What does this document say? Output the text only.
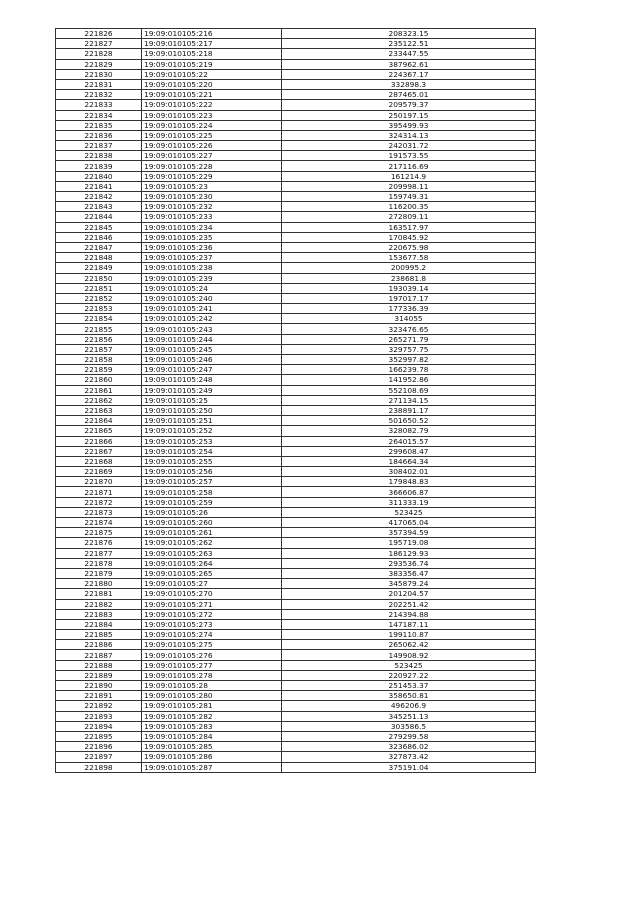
221826	19:09:010105:216	208323.15
221827	19:09:010105:217	235122.51
221828	19:09:010105:218	233447.55
221829	19:09:010105:219	387962.61
221830	19:09:010105:22	224367.17
221831	19:09:010105:220	332898.3
221832	19:09:010105:221	287465.01
221833	19:09:010105:222	209579.37
221834	19:09:010105:223	250197.15
221835	19:09:010105:224	395499.93
221836	19:09:010105:225	324314.13
221837	19:09:010105:226	242031.72
221838	19:09:010105:227	191573.55
221839	19:09:010105:228	217116.69
221840	19:09:010105:229	161214.9
221841	19:09:010105:23	209998.11
221842	19:09:010105:230	159749.31
221843	19:09:010105:232	116200.35
221844	19:09:010105:233	272809.11
221845	19:09:010105:234	163517.97
221846	19:09:010105:235	170845.92
221847	19:09:010105:236	220675.98
221848	19:09:010105:237	153677.58
221849	19:09:010105:238	200995.2
221850	19:09:010105:239	238681.8
221851	19:09:010105:24	193039.14
221852	19:09:010105:240	197017.17
221853	19:09:010105:241	177336.39
221854	19:09:010105:242	314055
221855	19:09:010105:243	323476.65
221856	19:09:010105:244	265271.79
221857	19:09:010105:245	329757.75
221858	19:09:010105:246	352997.82
221859	19:09:010105:247	166239.78
221860	19:09:010105:248	141952.86
221861	19:09:010105:249	552108.69
221862	19:09:010105:25	271134.15
221863	19:09:010105:250	238891.17
221864	19:09:010105:251	501650.52
221865	19:09:010105:252	328082.79
221866	19:09:010105:253	264015.57
221867	19:09:010105:254	299608.47
221868	19:09:010105:255	184664.34
221869	19:09:010105:256	308402.01
221870	19:09:010105:257	179848.83
221871	19:09:010105:258	366606.87
221872	19:09:010105:259	311333.19
221873	19:09:010105:26	523425
221874	19:09:010105:260	417065.04
221875	19:09:010105:261	357394.59
221876	19:09:010105:262	195719.08
221877	19:09:010105:263	186129.93
221878	19:09:010105:264	293536.74
221879	19:09:010105:265	383356.47
221880	19:09:010105:27	345879.24
221881	19:09:010105:270	201204.57
221882	19:09:010105:271	202251.42
221883	19:09:010105:272	214394.88
221884	19:09:010105:273	147187.11
221885	19:09:010105:274	199110.87
221886	19:09:010105:275	265062.42
221887	19:09:010105:276	149908.92
221888	19:09:010105:277	523425
221889	19:09:010105:278	220927.22
221890	19:09:010105:28	251453.37
221891	19:09:010105:280	358650.81
221892	19:09:010105:281	496206.9
221893	19:09:010105:282	345251.13
221894	19:09:010105:283	303586.5
221895	19:09:010105:284	279299.58
221896	19:09:010105:285	323686.02
221897	19:09:010105:286	327873.42
221898	19:09:010105:287	375191.04
